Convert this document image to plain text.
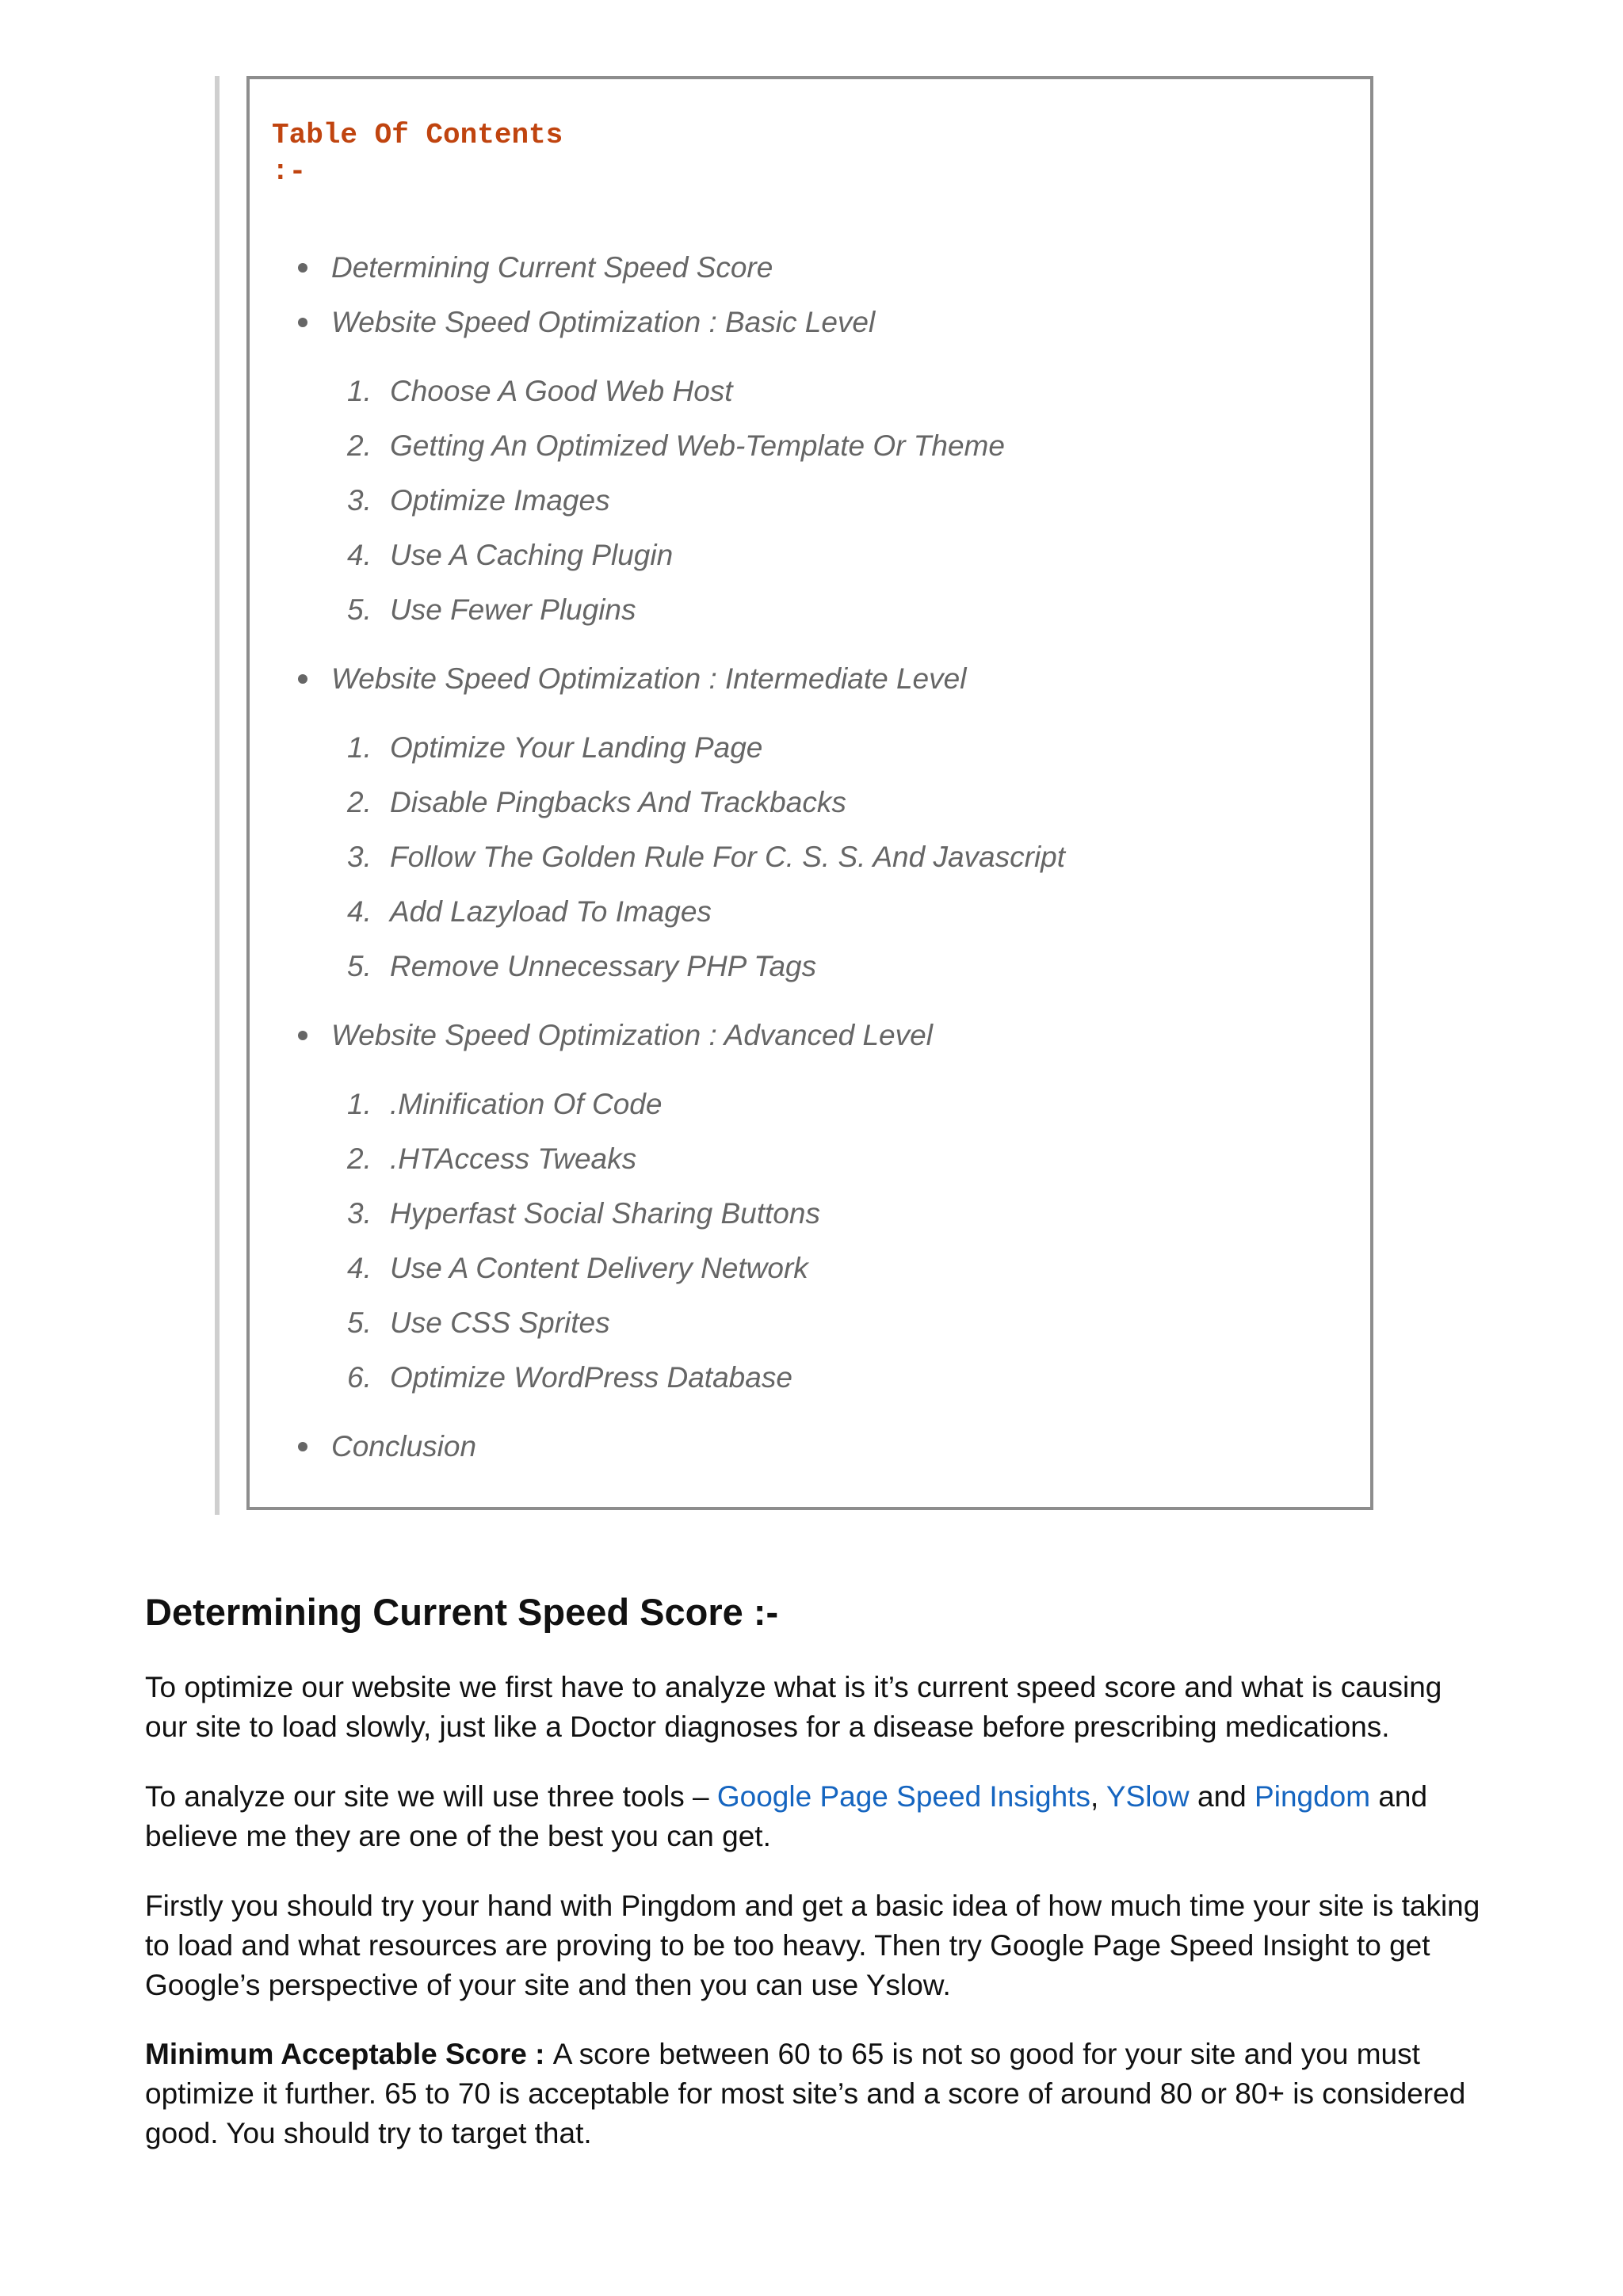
Table Of Contents
:-
Determining Current Speed Score
Website Speed Optimization : Basic Level
1. Choose A Good Web Host
2. Getting An Optimized Web-Template Or Theme
3. Optimize Images
4. Use A Caching Plugin
5. Use Fewer Plugins
Website Speed Optimization : Intermediate Level
1. Optimize Your Landing Page
2. Disable Pingbacks And Trackbacks
3. Follow The Golden Rule For C. S. S. And Javascript
4. Add Lazyload To Images
5. Remove Unnecessary PHP Tags
Website Speed Optimization : Advanced Level
1. .Minification Of Code
2. .HTAccess Tweaks
3. Hyperfast Social Sharing Buttons
4. Use A Content Delivery Network
5. Use CSS Sprites
6. Optimize WordPress Database
Conclusion
Determining Current Speed Score :-

To optimize our website we first have to analyze what is it’s current speed score and what is causing our site to load slowly, just like a Doctor diagnoses for a disease before prescribing medications.

To analyze our site we will use three tools – Google Page Speed Insights, YSlow and Pingdom and believe me they are one of the best you can get.

Firstly you should try your hand with Pingdom and get a basic idea of how much time your site is taking to load and what resources are proving to be too heavy. Then try Google Page Speed Insight to get Google’s perspective of your site and then you can use Yslow.

Minimum Acceptable Score : A score between 60 to 65 is not so good for your site and you must optimize it further. 65 to 70 is acceptable for most site’s and a score of around 80 or 80+ is considered good. You should try to target that.
